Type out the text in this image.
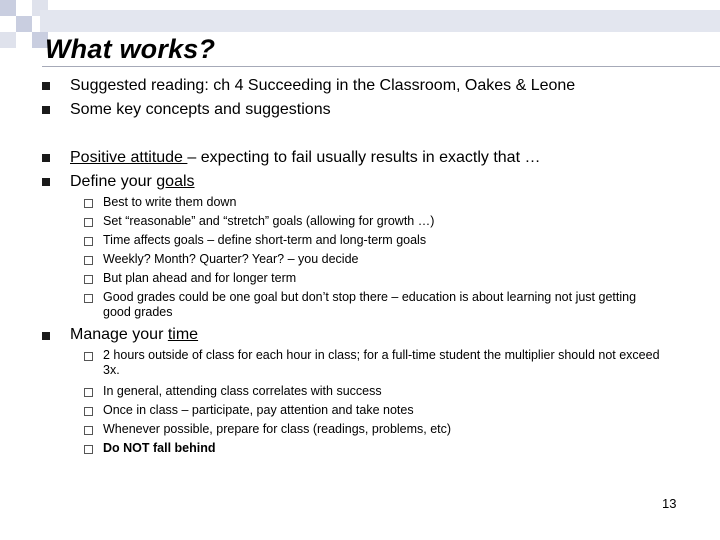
What works?
Suggested reading: ch 4 Succeeding in the Classroom, Oakes & Leone
Some key concepts and suggestions
Positive attitude – expecting to fail usually results in exactly that …
Define your goals
Best to write them down
Set “reasonable” and “stretch” goals (allowing for growth …)
Time affects goals – define short-term and long-term goals
Weekly? Month? Quarter? Year? – you decide
But plan ahead and for longer term
Good grades could be one goal but don’t stop there – education is about learning not just getting good grades
Manage your time
2 hours outside of class for each hour in class; for a full-time student the multiplier should not exceed 3x.
In general, attending class correlates with success
Once in class – participate, pay attention and take notes
Whenever possible, prepare for class (readings, problems, etc)
Do NOT fall behind
13
